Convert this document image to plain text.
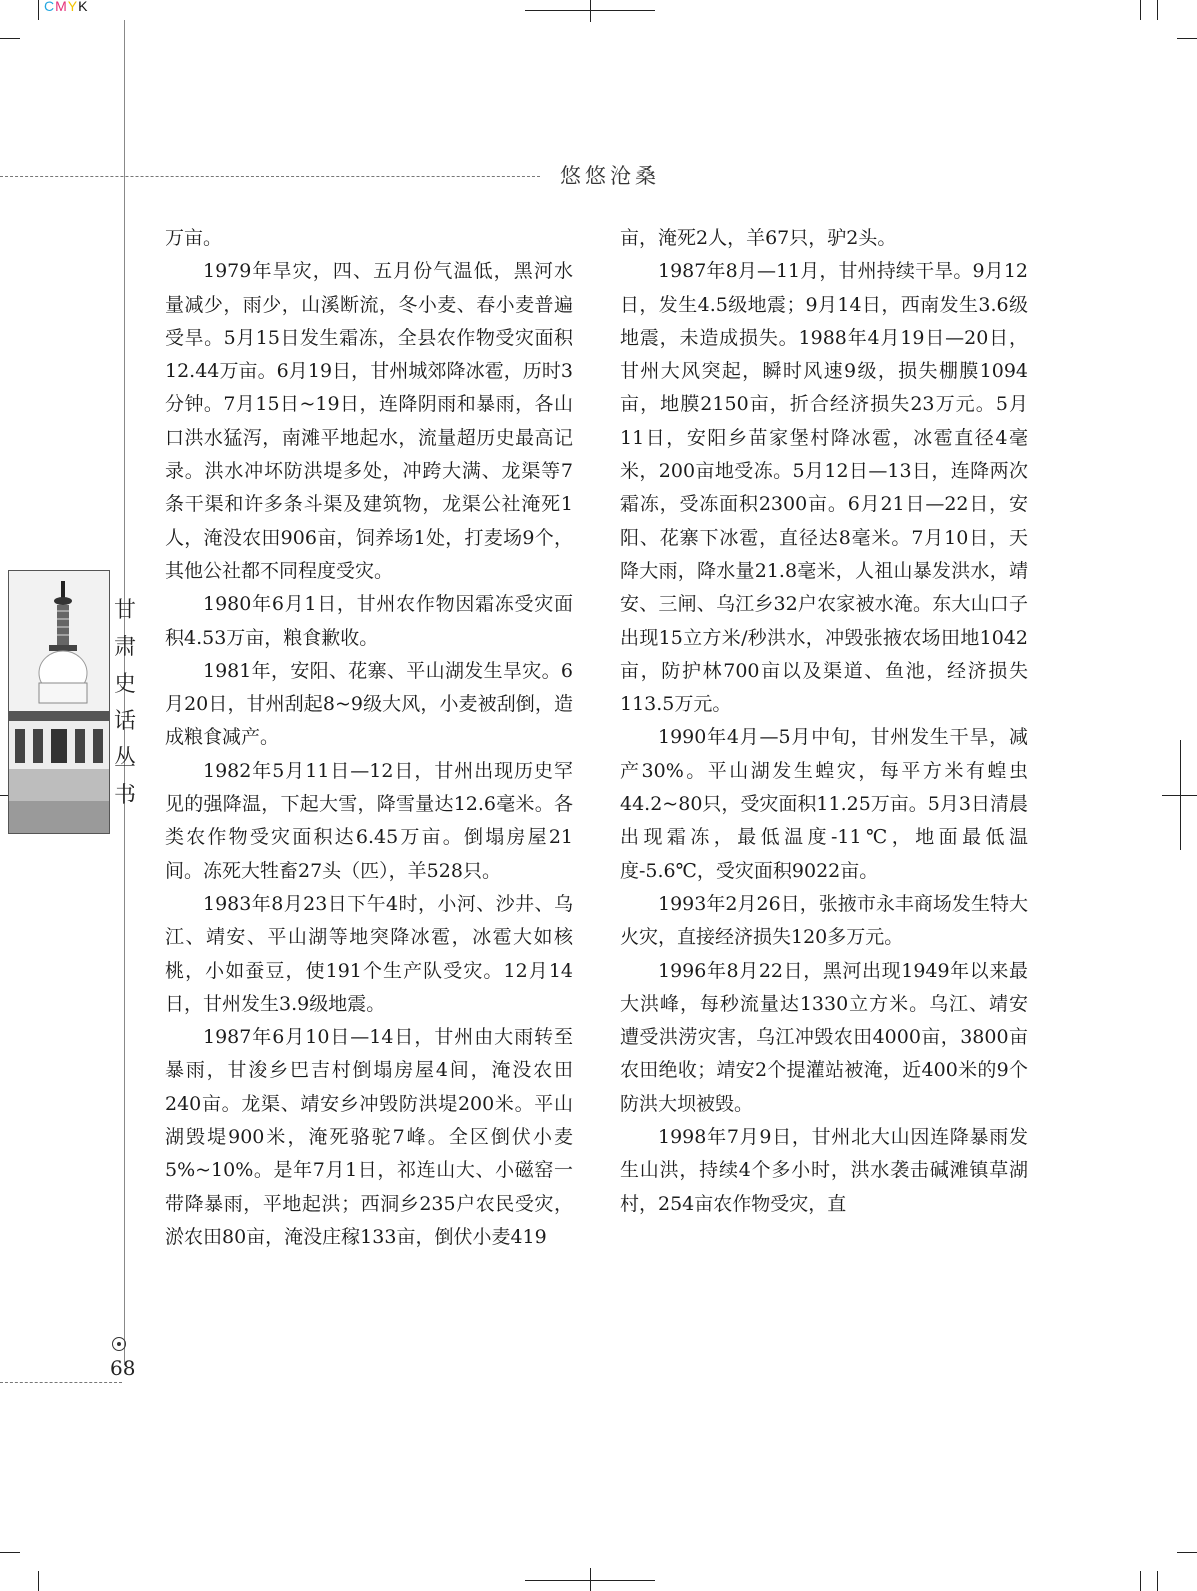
CMYK
悠悠沧桑
甘
肃
史
话
丛
书

万亩。

1979年旱灾，四、五月份气温低，黑河水量减少，雨少，山溪断流，冬小麦、春小麦普遍受旱。5月15日发生霜冻，全县农作物受灾面积12.44万亩。6月19日，甘州城郊降冰雹，历时3分钟。7月15日~19日，连降阴雨和暴雨，各山口洪水猛泻，南滩平地起水，流量超历史最高记录。洪水冲坏防洪堤多处，冲跨大满、龙渠等7条干渠和许多条斗渠及建筑物，龙渠公社淹死1人，淹没农田906亩，饲养场1处，打麦场9个，其他公社都不同程度受灾。

1980年6月1日，甘州农作物因霜冻受灾面积4.53万亩，粮食歉收。

1981年，安阳、花寨、平山湖发生旱灾。6月20日，甘州刮起8~9级大风，小麦被刮倒，造成粮食减产。

1982年5月11日—12日，甘州出现历史罕见的强降温，下起大雪，降雪量达12.6毫米。各类农作物受灾面积达6.45万亩。倒塌房屋21间。冻死大牲畜27头（匹），羊528只。

1983年8月23日下午4时，小河、沙井、乌江、靖安、平山湖等地突降冰雹，冰雹大如核桃，小如蚕豆，使191个生产队受灾。12月14日，甘州发生3.9级地震。

1987年6月10日—14日，甘州由大雨转至暴雨，甘浚乡巴吉村倒塌房屋4间，淹没农田240亩。龙渠、靖安乡冲毁防洪堤200米。平山湖毁堤900米，淹死骆驼7峰。全区倒伏小麦5%~10%。是年7月1日，祁连山大、小磁窑一带降暴雨，平地起洪；西洞乡235户农民受灾，淤农田80亩，淹没庄稼133亩，倒伏小麦419

亩，淹死2人，羊67只，驴2头。

1987年8月—11月，甘州持续干旱。9月12日，发生4.5级地震；9月14日，西南发生3.6级地震，未造成损失。1988年4月19日—20日，甘州大风突起，瞬时风速9级，损失棚膜1094亩，地膜2150亩，折合经济损失23万元。5月11日，安阳乡苗家堡村降冰雹，冰雹直径4毫米，200亩地受冻。5月12日—13日，连降两次霜冻，受冻面积2300亩。6月21日—22日，安阳、花寨下冰雹，直径达8毫米。7月10日，天降大雨，降水量21.8毫米，人祖山暴发洪水，靖安、三闸、乌江乡32户农家被水淹。东大山口子出现15立方米/秒洪水，冲毁张掖农场田地1042亩，防护林700亩以及渠道、鱼池，经济损失113.5万元。

1990年4月—5月中旬，甘州发生干旱，减产30%。平山湖发生蝗灾，每平方米有蝗虫44.2~80只，受灾面积11.25万亩。5月3日清晨出现霜冻，最低温度-11℃，地面最低温度-5.6℃，受灾面积9022亩。

1993年2月26日，张掖市永丰商场发生特大火灾，直接经济损失120多万元。

1996年8月22日，黑河出现1949年以来最大洪峰，每秒流量达1330立方米。乌江、靖安遭受洪涝灾害，乌江冲毁农田4000亩，3800亩农田绝收；靖安2个提灌站被淹，近400米的9个防洪大坝被毁。

1998年7月9日，甘州北大山因连降暴雨发生山洪，持续4个多小时，洪水袭击碱滩镇草湖村，254亩农作物受灾，直

68
